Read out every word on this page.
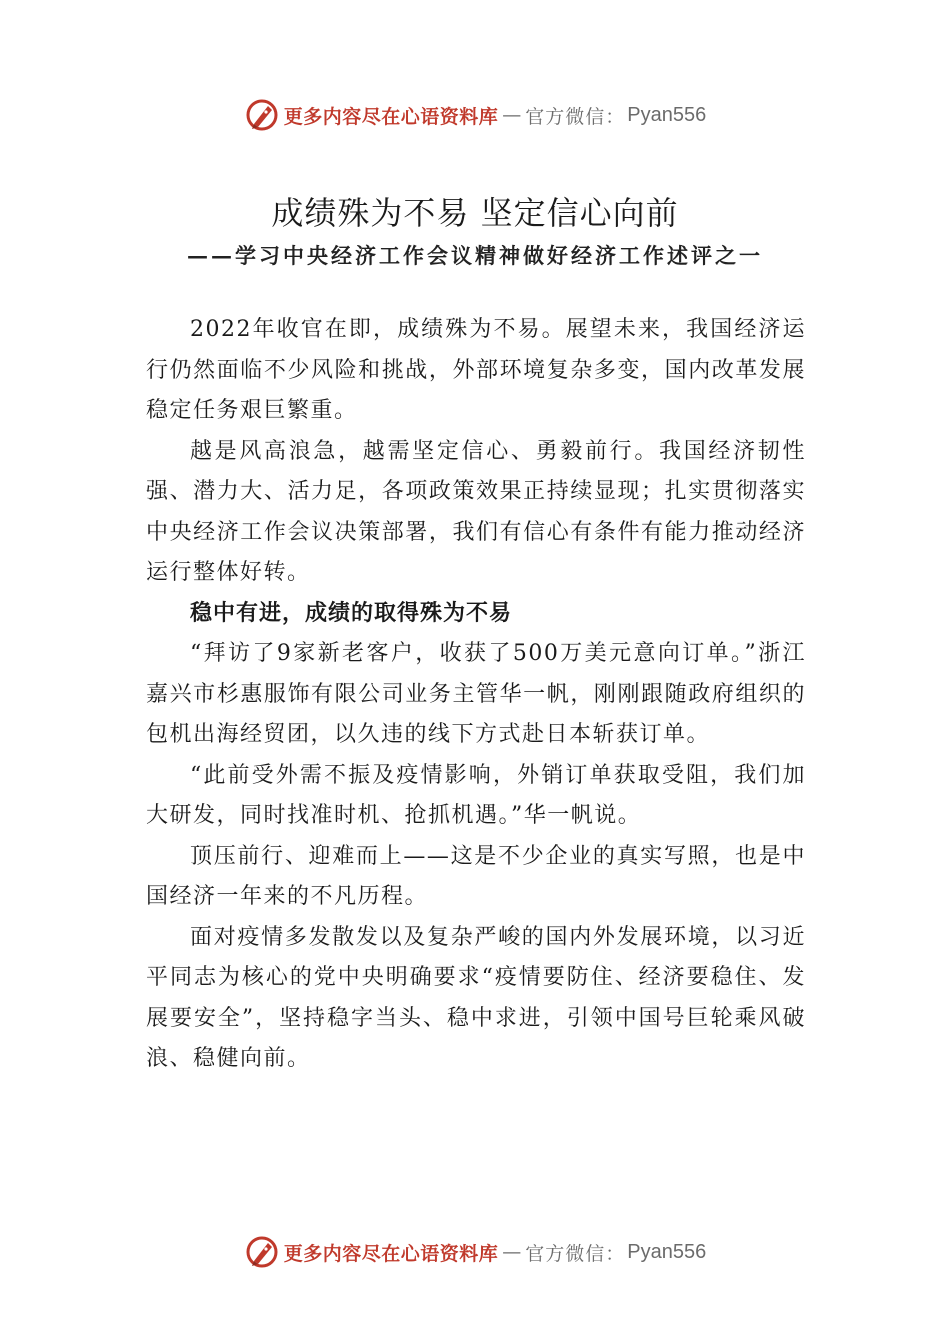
更多内容尽在心语资料库 — 官方微信： Pyan556
成绩殊为不易 坚定信心向前
——学习中央经济工作会议精神做好经济工作述评之一

2022年收官在即，成绩殊为不易。展望未来，我国经济运行仍然面临不少风险和挑战，外部环境复杂多变，国内改革发展稳定任务艰巨繁重。

越是风高浪急，越需坚定信心、勇毅前行。我国经济韧性强、潜力大、活力足，各项政策效果正持续显现；扎实贯彻落实中央经济工作会议决策部署，我们有信心有条件有能力推动经济运行整体好转。

稳中有进，成绩的取得殊为不易

“拜访了9家新老客户，收获了500万美元意向订单。”浙江嘉兴市杉惠服饰有限公司业务主管华一帆，刚刚跟随政府组织的包机出海经贸团，以久违的线下方式赴日本斩获订单。

“此前受外需不振及疫情影响，外销订单获取受阻，我们加大研发，同时找准时机、抢抓机遇。”华一帆说。

顶压前行、迎难而上——这是不少企业的真实写照，也是中国经济一年来的不凡历程。

面对疫情多发散发以及复杂严峻的国内外发展环境，以习近平同志为核心的党中央明确要求“疫情要防住、经济要稳住、发展要安全”，坚持稳字当头、稳中求进，引领中国号巨轮乘风破浪、稳健向前。

更多内容尽在心语资料库 — 官方微信： Pyan556
